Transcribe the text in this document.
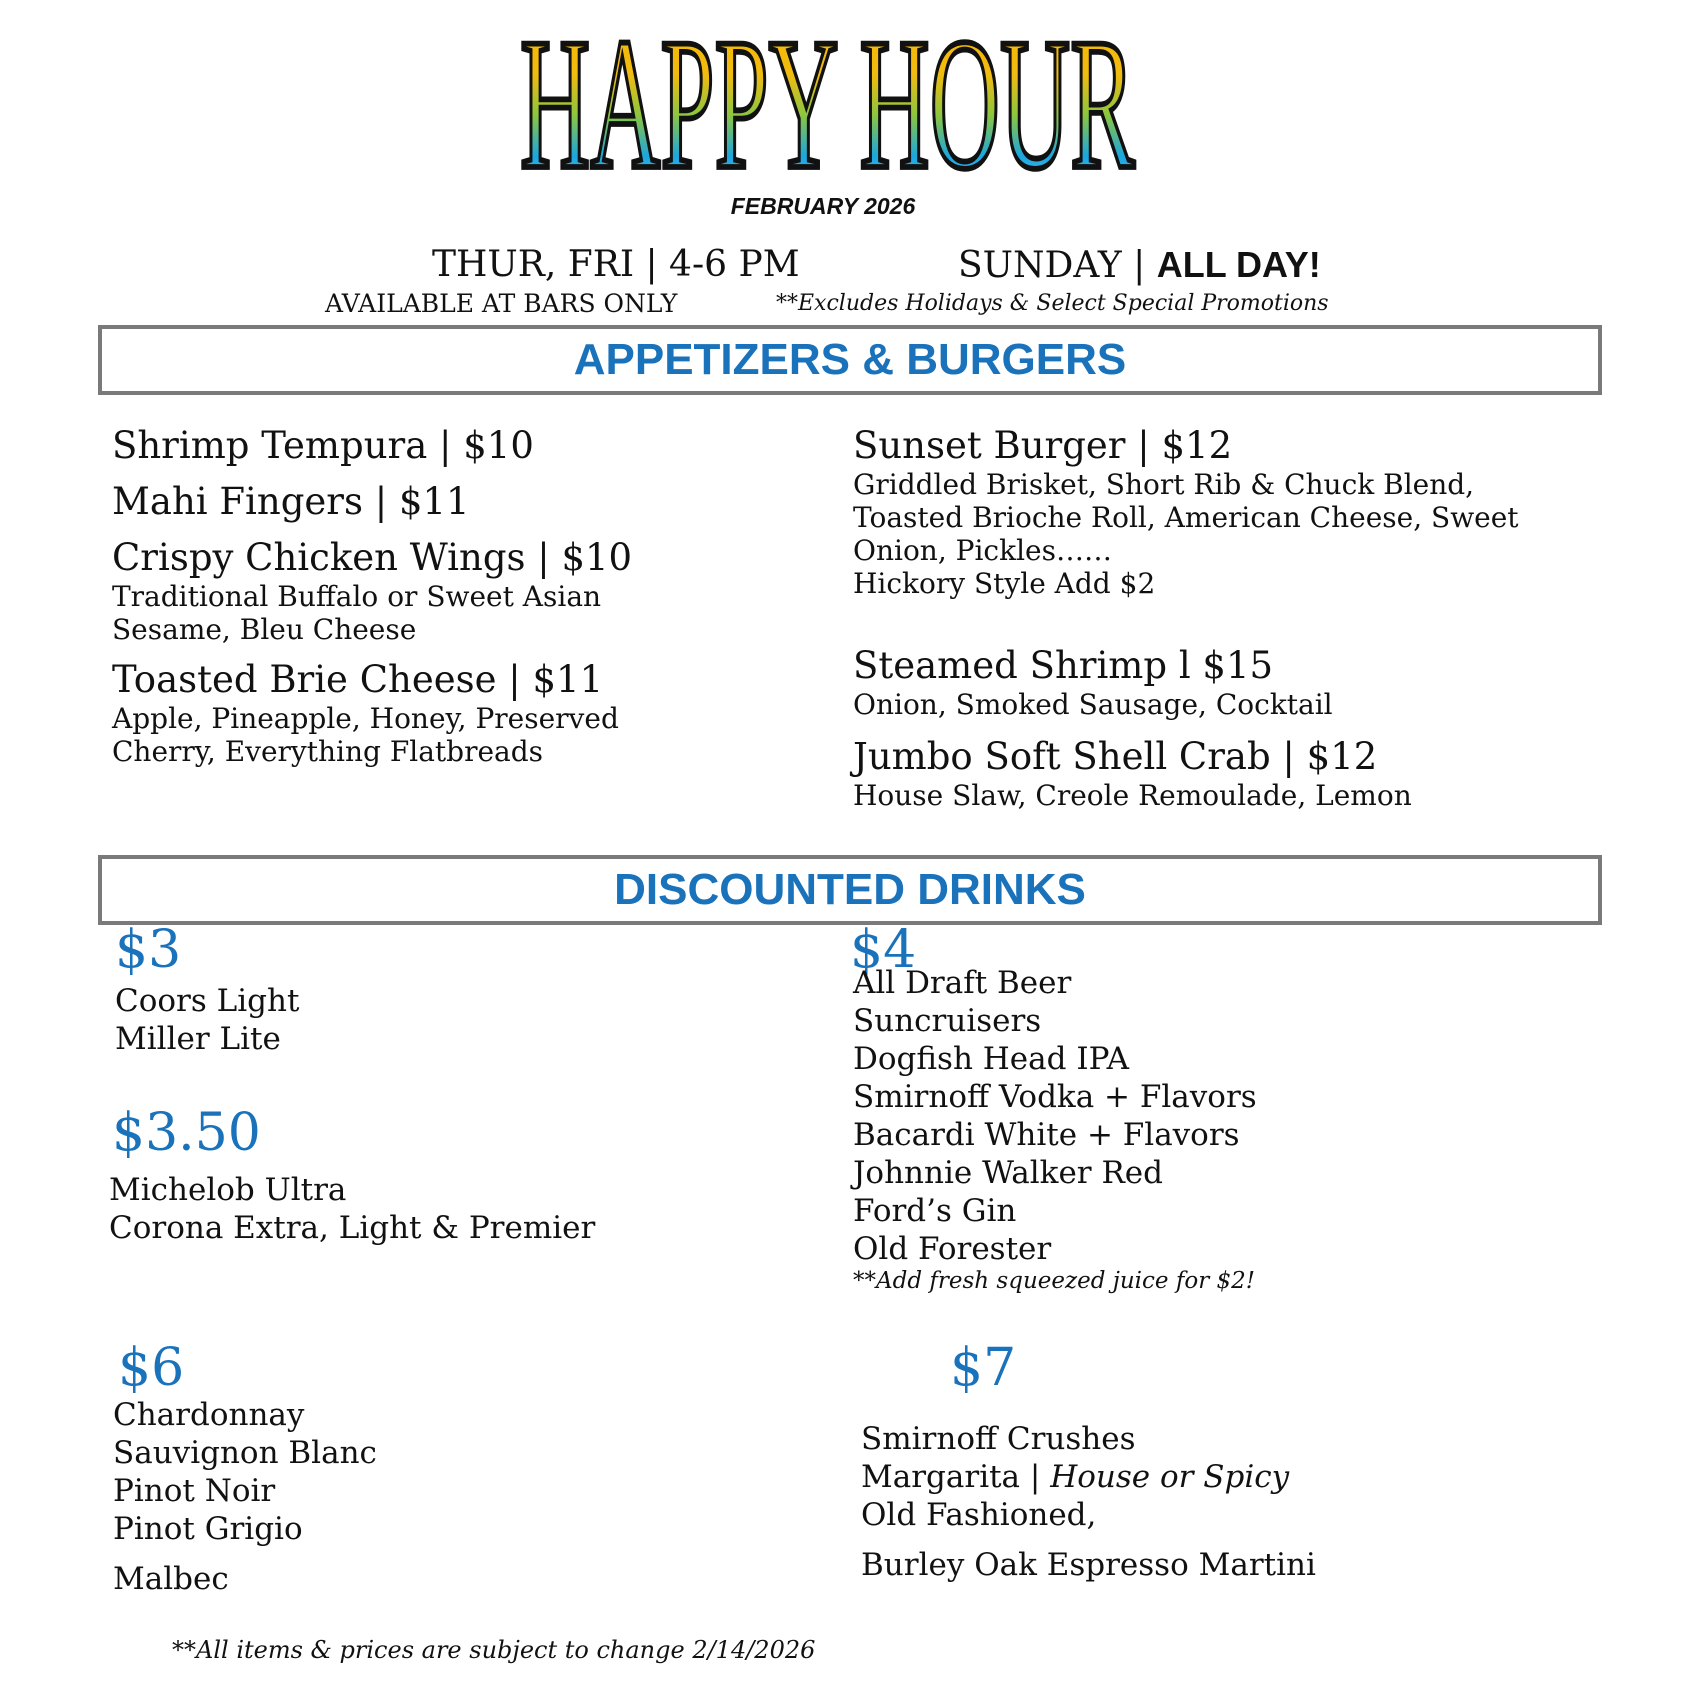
HAPPY HOUR
FEBRUARY 2026
THUR, FRI | 4-6 PM	SUNDAY | ALL DAY!
AVAILABLE AT BARS ONLY	**Excludes Holidays & Select Special Promotions
APPETIZERS & BURGERS
Shrimp Tempura | $10
Mahi Fingers | $11
Crispy Chicken Wings | $10
Traditional Buffalo or Sweet Asian
Sesame, Bleu Cheese
Toasted Brie Cheese | $11
Apple, Pineapple, Honey, Preserved
Cherry, Everything Flatbreads
Sunset Burger | $12
Griddled Brisket, Short Rib & Chuck Blend,
Toasted Brioche Roll, American Cheese, Sweet
Onion, Pickles……
Hickory Style Add $2
Steamed Shrimp l $15
Onion, Smoked Sausage, Cocktail
Jumbo Soft Shell Crab | $12
House Slaw, Creole Remoulade, Lemon
DISCOUNTED DRINKS
$3
Coors Light
Miller Lite
$3.50
Michelob Ultra
Corona Extra, Light & Premier
$4
All Draft Beer
Suncruisers
Dogfish Head IPA
Smirnoff Vodka + Flavors
Bacardi White + Flavors
Johnnie Walker Red
Ford’s Gin
Old Forester
**Add fresh squeezed juice for $2!
$6
Chardonnay
Sauvignon Blanc
Pinot Noir
Pinot Grigio
Malbec
$7
Smirnoff Crushes
Margarita | House or Spicy
Old Fashioned,
Burley Oak Espresso Martini
**All items & prices are subject to change 2/14/2026
